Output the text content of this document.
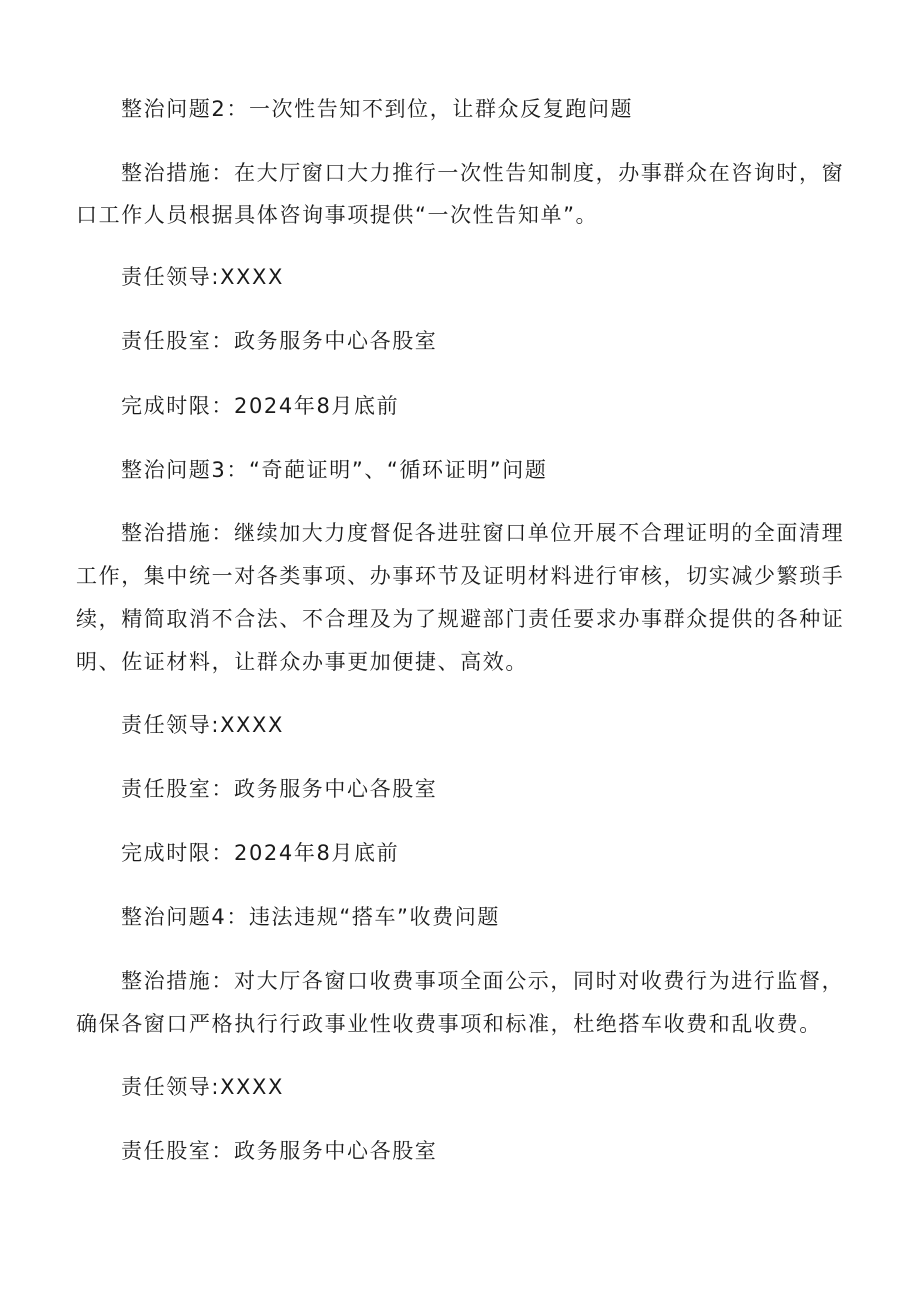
整治问题2：一次性告知不到位，让群众反复跑问题
整治措施：在大厅窗口大力推行一次性告知制度，办事群众在咨询时，窗
口工作人员根据具体咨询事项提供“一次性告知单”。
责任领导:XXXX
责任股室：政务服务中心各股室
完成时限：2024年8月底前
整治问题3：“奇葩证明”、“循环证明”问题
整治措施：继续加大力度督促各进驻窗口单位开展不合理证明的全面清理
工作，集中统一对各类事项、办事环节及证明材料进行审核，切实减少繁琐手
续，精简取消不合法、不合理及为了规避部门责任要求办事群众提供的各种证
明、佐证材料，让群众办事更加便捷、高效。
责任领导:XXXX
责任股室：政务服务中心各股室
完成时限：2024年8月底前
整治问题4：违法违规“搭车”收费问题
整治措施：对大厅各窗口收费事项全面公示，同时对收费行为进行监督，
确保各窗口严格执行行政事业性收费事项和标准，杜绝搭车收费和乱收费。
责任领导:XXXX
责任股室：政务服务中心各股室
